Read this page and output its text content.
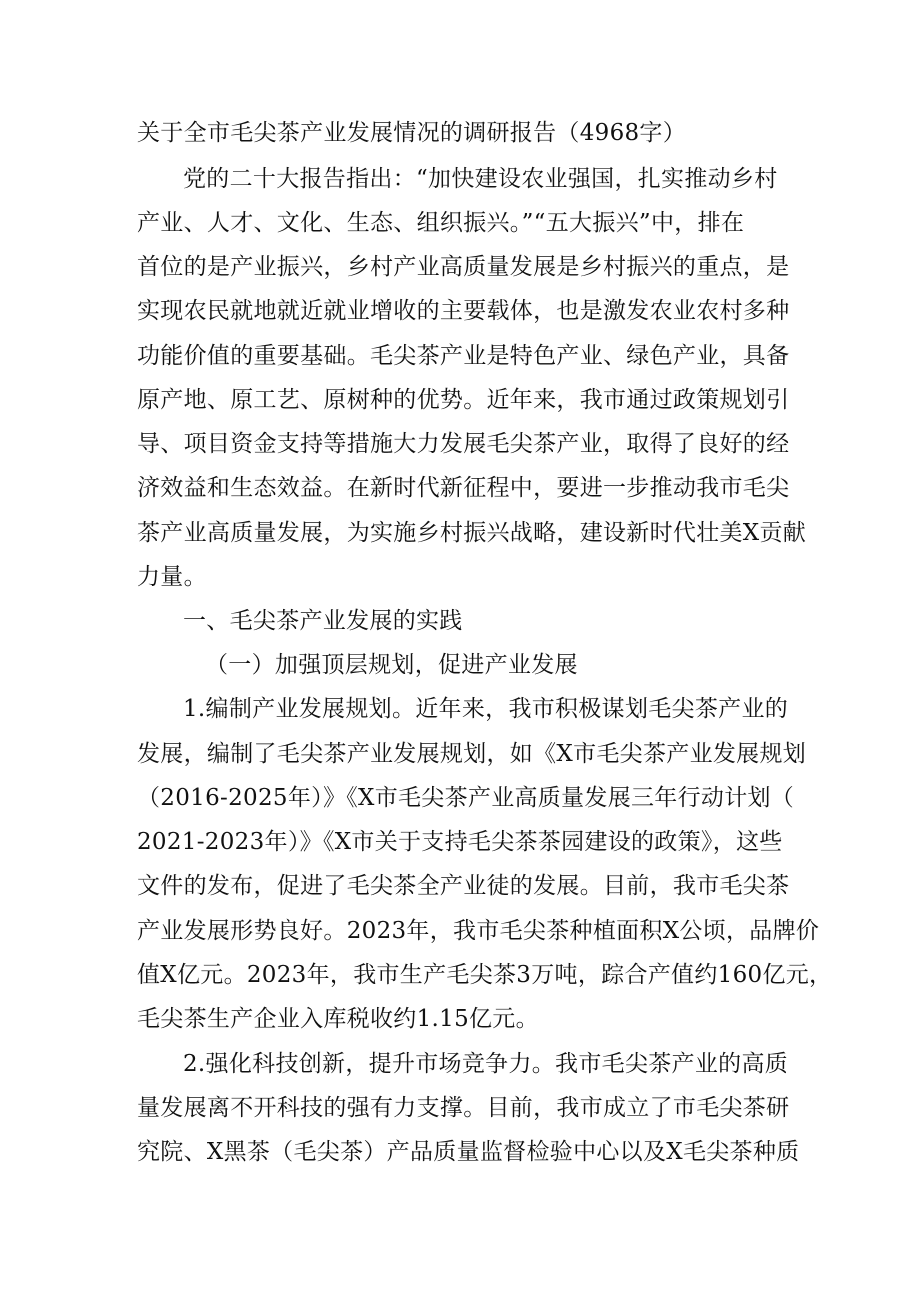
关于全市毛尖茶产业发展情况的调研报告（4968字）
党的二十大报告指出：“加快建设农业强国，扎实推动乡村
产业、人才、文化、生态、组织振兴。”“五大振兴”中，排在
首位的是产业振兴，乡村产业高质量发展是乡村振兴的重点，是
实现农民就地就近就业增收的主要载体，也是激发农业农村多种
功能价值的重要基础。毛尖茶产业是特色产业、绿色产业，具备
原产地、原工艺、原树种的优势。近年来，我市通过政策规划引
导、项目资金支持等措施大力发展毛尖茶产业，取得了良好的经
济效益和生态效益。在新时代新征程中，要进一步推动我市毛尖
茶产业高质量发展，为实施乡村振兴战略，建设新时代壮美X贡献
力量。
一、毛尖茶产业发展的实践
（一）加强顶层规划，促进产业发展
1.编制产业发展规划。近年来，我市积极谋划毛尖茶产业的
发展，编制了毛尖茶产业发展规划，如《X市毛尖茶产业发展规划
（2016-2025年）》《X市毛尖茶产业高质量发展三年行动计划（
2021-2023年）》《X市关于支持毛尖茶茶园建设的政策》，这些
文件的发布，促进了毛尖茶全产业徒的发展。目前，我市毛尖茶
产业发展形势良好。2023年，我市毛尖茶种植面积X公顷，品牌价
值X亿元。2023年，我市生产毛尖茶3万吨，踪合产值约160亿元，
毛尖茶生产企业入库税收约1.15亿元。
2.强化科技创新，提升市场竞争力。我市毛尖茶产业的高质
量发展离不开科技的强有力支撑。目前，我市成立了市毛尖茶研
究院、X黑茶（毛尖茶）产品质量监督检验中心以及X毛尖茶种质
